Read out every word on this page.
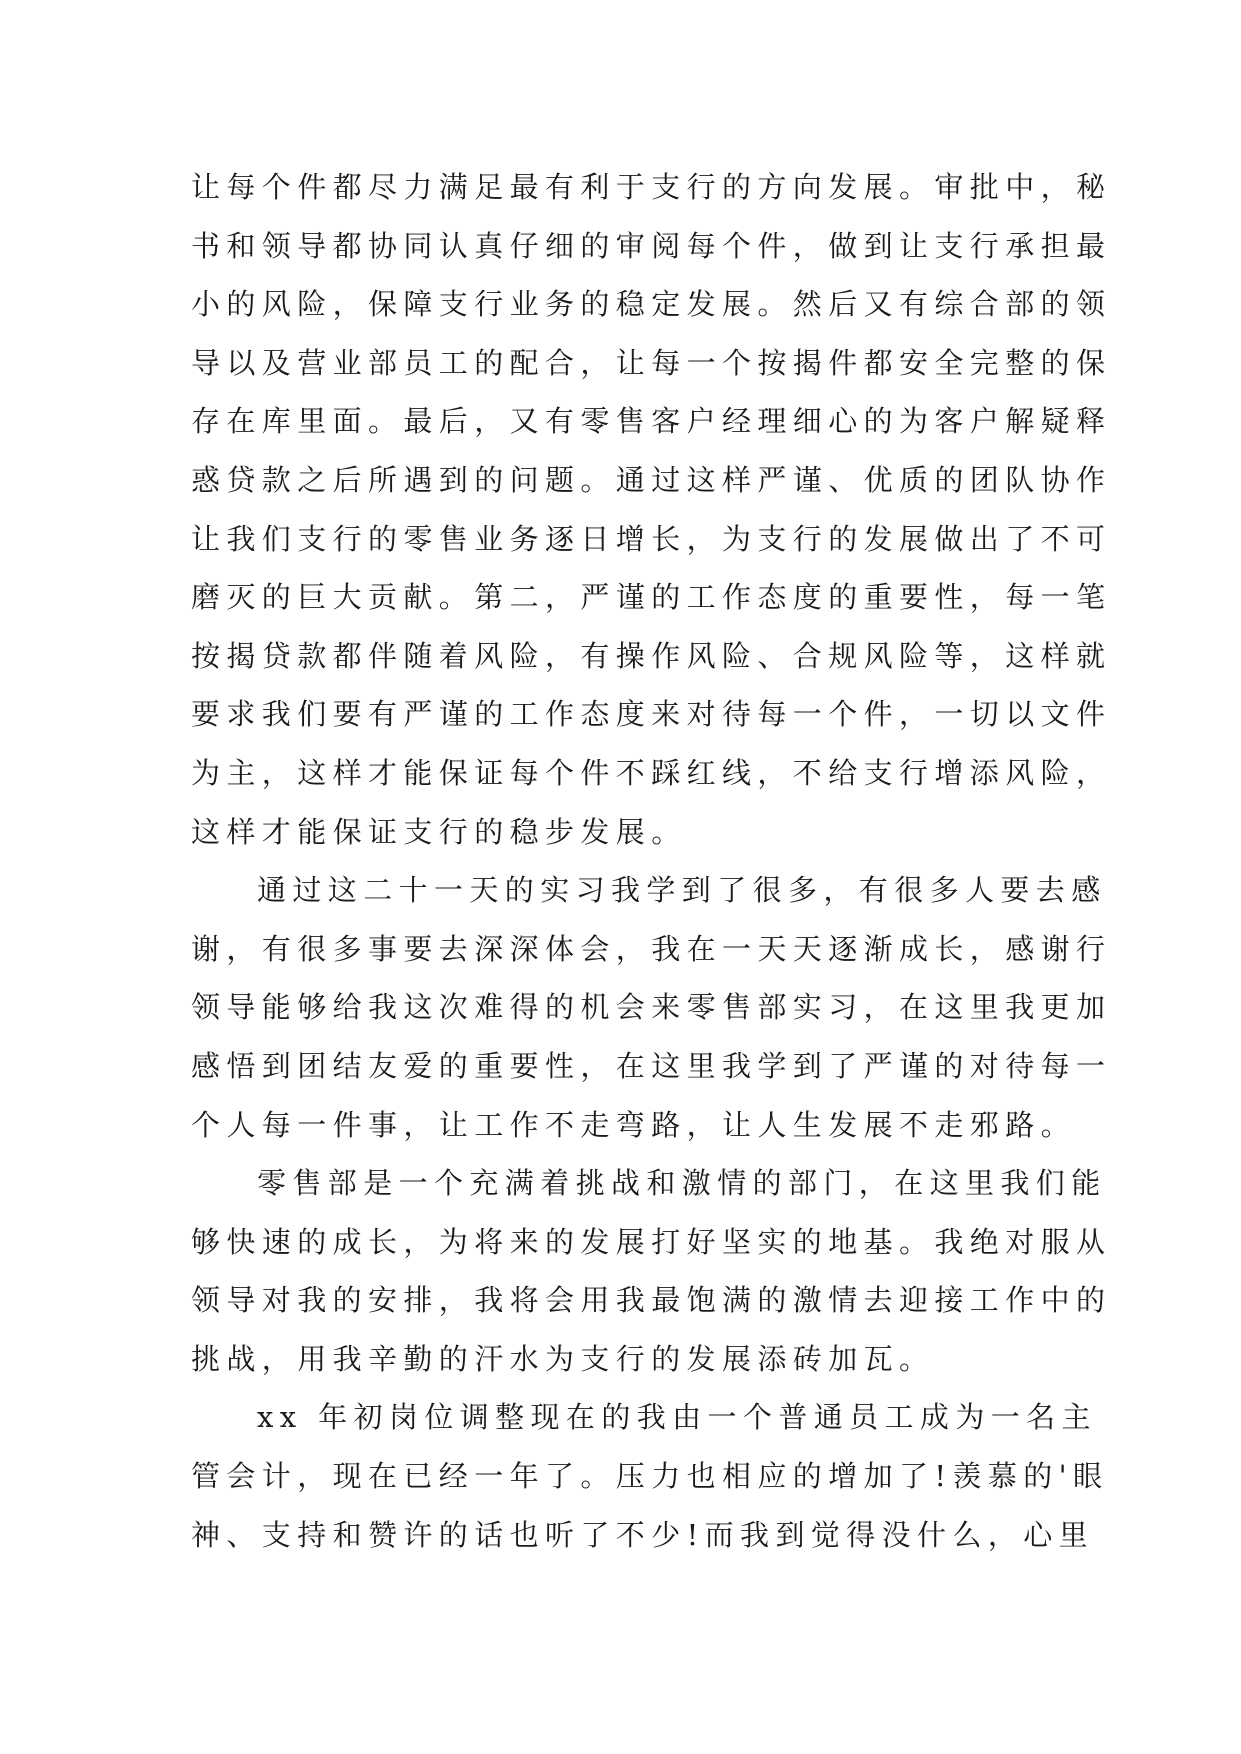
让每个件都尽力满足最有利于支行的方向发展。审批中，秘
书和领导都协同认真仔细的审阅每个件，做到让支行承担最
小的风险，保障支行业务的稳定发展。然后又有综合部的领
导以及营业部员工的配合，让每一个按揭件都安全完整的保
存在库里面。最后，又有零售客户经理细心的为客户解疑释
惑贷款之后所遇到的问题。通过这样严谨、优质的团队协作
让我们支行的零售业务逐日增长，为支行的发展做出了不可
磨灭的巨大贡献。第二，严谨的工作态度的重要性，每一笔
按揭贷款都伴随着风险，有操作风险、合规风险等，这样就
要求我们要有严谨的工作态度来对待每一个件，一切以文件
为主，这样才能保证每个件不踩红线，不给支行增添风险，
这样才能保证支行的稳步发展。
通过这二十一天的实习我学到了很多，有很多人要去感
谢，有很多事要去深深体会，我在一天天逐渐成长，感谢行
领导能够给我这次难得的机会来零售部实习，在这里我更加
感悟到团结友爱的重要性，在这里我学到了严谨的对待每一
个人每一件事，让工作不走弯路，让人生发展不走邪路。
零售部是一个充满着挑战和激情的部门，在这里我们能
够快速的成长，为将来的发展打好坚实的地基。我绝对服从
领导对我的安排，我将会用我最饱满的激情去迎接工作中的
挑战，用我辛勤的汗水为支行的发展添砖加瓦。
xx 年初岗位调整现在的我由一个普通员工成为一名主
管会计，现在已经一年了。压力也相应的增加了!羡慕的'眼
神、支持和赞许的话也听了不少!而我到觉得没什么，心里
